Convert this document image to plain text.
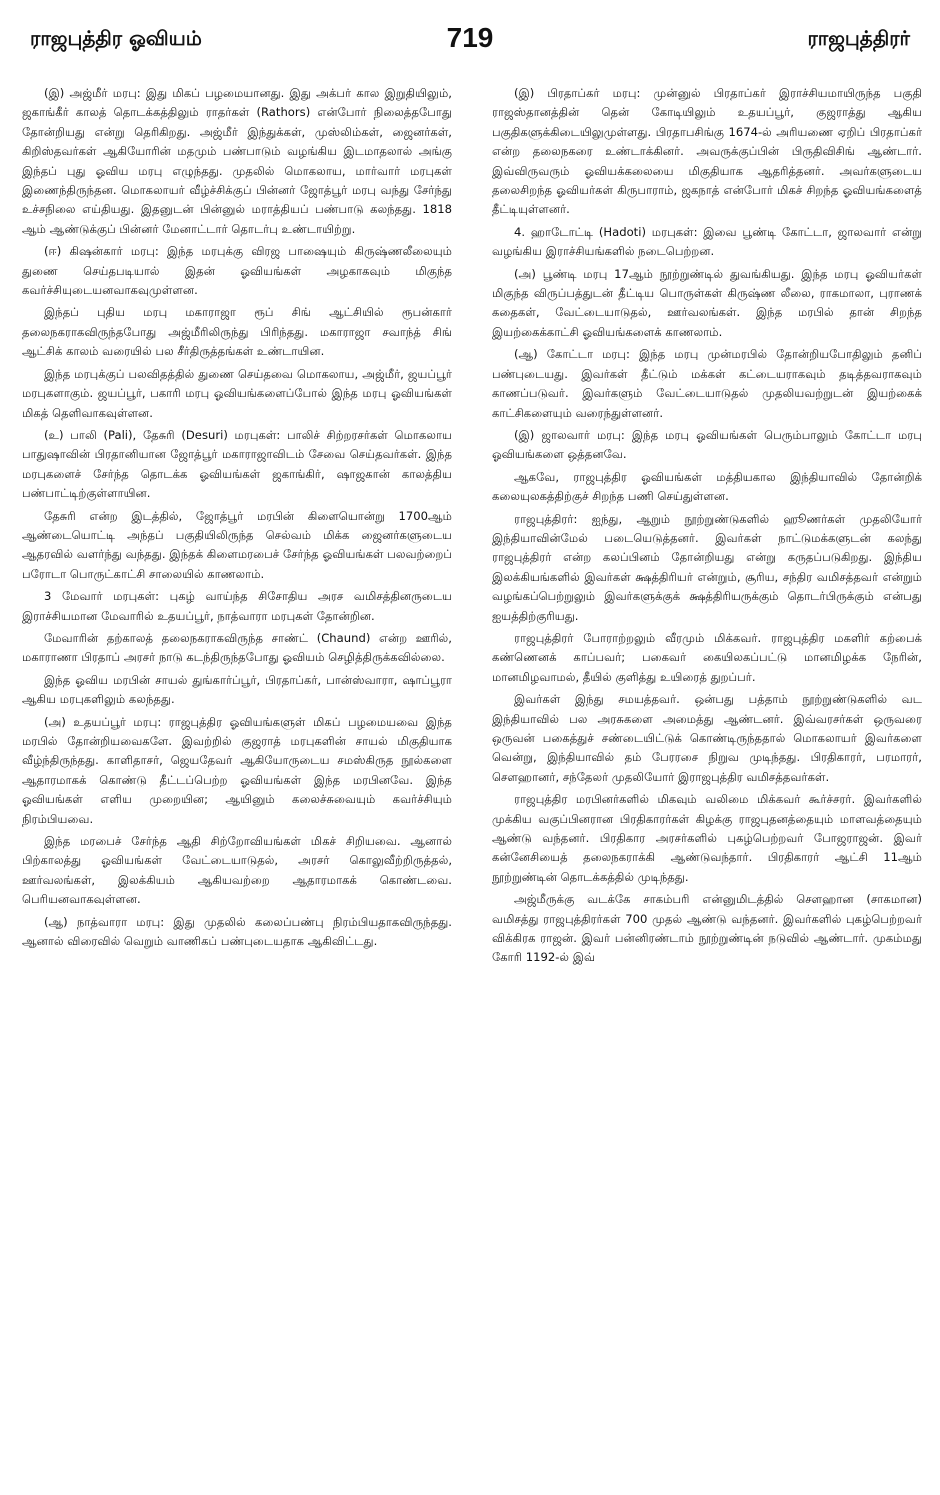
ராஜபுத்திர ஓவியம்	719	ராஜபுத்திரர்

(இ) அஜ்மீர் மரபு: இது மிகப் பழமையானது. இது அக்பர் கால இறுதியிலும், ஜகாங்கீர் காலத் தொடக்கத்திலும் ராதர்கள் (Rathors) என்போர் நிலைத்தபோது தோன்றியது என்று தெரிகிறது. அஜ்மீர் இந்துக்கள், முஸ்லிம்கள், ஜைனர்கள், கிறிஸ்தவர்கள் ஆகியோரின் மதமும் பண்பாடும் வழங்கிய இடமாதலால் அங்கு இந்தப் புது ஓவிய மரபு எழுந்தது. முதலில் மொகலாய, மார்வார் மரபுகள் இணைந்திருந்தன. மொகலாயர் வீழ்ச்சிக்குப் பின்னர் ஜோத்பூர் மரபு வந்து சேர்ந்து உச்சநிலை எய்தியது. இதனுடன் பின்னுல் மராத்தியப் பண்பாடு கலந்தது. 1818 ஆம் ஆண்டுக்குப் பின்னர் மேனாட்டார் தொடர்பு உண்டாயிற்று.

(ஈ) கிஷன்கார் மரபு: இந்த மரபுக்கு விரஜ பாஷையும் கிருஷ்ணலீலையும் துணை செய்தபடியால் இதன் ஓவியங்கள் அழகாகவும் மிகுந்த கவர்ச்சியுடையனவாகவுமுள்ளன.

இந்தப் புதிய மரபு மகாராஜா ரூப் சிங் ஆட்சியில் ரூபன்கார் தலைநகராகவிருந்தபோது அஜ்மீரிலிருந்து பிரிந்தது. மகாராஜா சவாந்த் சிங் ஆட்சிக் காலம் வரையில் பல சீர்திருத்தங்கள் உண்டாயின.

இந்த மரபுக்குப் பலவிதத்தில் துணை செய்தவை மொகலாய, அஜ்மீர், ஜயப்பூர் மரபுகளாகும். ஜயப்பூர், பகாரி மரபு ஓவியங்களைப்போல் இந்த மரபு ஓவியங்கள் மிகத் தெளிவாகவுள்ளன.

(உ) பாலி (Pali), தேசுரி (Desuri) மரபுகள்: பாலிச் சிற்றரசர்கள் மொகலாய பாதுஷாவின் பிரதானியான ஜோத்பூர் மகாராஜாவிடம் சேவை செய்தவர்கள். இந்த மரபுகளைச் சேர்ந்த தொடக்க ஓவியங்கள் ஜகாங்கிர், ஷாஜகான் காலத்திய பண்பாட்டிற்குள்ளாயின.

தேசுரி என்ற இடத்தில், ஜோத்பூர் மரபின் கிளையொன்று 1700ஆம் ஆண்டையொட்டி அந்தப் பகுதியிலிருந்த செல்வம் மிக்க ஜைனர்களுடைய ஆதரவில் வளர்ந்து வந்தது. இந்தக் கிளைமரபைச் சேர்ந்த ஓவியங்கள் பலவற்றைப் பரோடா பொருட்காட்சி சாலையில் காணலாம்.

3 மேவார் மரபுகள்: புகழ் வாய்ந்த சிசோதிய அரச வமிசத்தினருடைய இராச்சியமான மேவாரில் உதயப்பூர், நாத்வாரா மரபுகள் தோன்றின.

மேவாரின் தற்காலத் தலைநகராகவிருந்த சாண்ட் (Chaund) என்ற ஊரில், மகாராணா பிரதாப் அரசர் நாடு கடந்திருந்தபோது ஓவியம் செழித்திருக்கவில்லை.

இந்த ஓவிய மரபின் சாயல் துங்கார்ப்பூர், பிரதாப்கர், பான்ஸ்வாரா, ஷாப்பூரா ஆகிய மரபுகளிலும் கலந்தது.

(அ) உதயப்பூர் மரபு: ராஜபுத்திர ஓவியங்களுள் மிகப் பழமையவை இந்த மரபில் தோன்றியவைகளே. இவற்றில் குஜராத் மரபுகளின் சாயல் மிகுதியாக வீழ்ந்திருந்தது. காளிதாசர், ஜெயதேவர் ஆகியோருடைய சமஸ்கிருத நூல்களை ஆதாரமாகக் கொண்டு தீட்டப்பெற்ற ஓவியங்கள் இந்த மரபினவே. இந்த ஓவியங்கள் எளிய முறையின; ஆயினும் கலைச்சுவையும் கவர்ச்சியும் நிரம்பியவை.

இந்த மரபைச் சேர்ந்த ஆதி சிற்றோவியங்கள் மிகச் சிறியவை. ஆனால் பிற்காலத்து ஓவியங்கள் வேட்டையாடுதல், அரசர் கொலுவீற்றிருத்தல், ஊர்வலங்கள், இலக்கியம் ஆகியவற்றை ஆதாரமாகக் கொண்டவை. பெரியனவாகவுள்ளன.

(ஆ) நாத்வாரா மரபு: இது முதலில் கலைப்பண்பு நிரம்பியதாகவிருந்தது. ஆனால் விரைவில் வெறும் வாணிகப் பண்புடையதாக ஆகிவிட்டது.

(இ) பிரதாப்கர் மரபு: முன்னுல் பிரதாப்கர் இராச்சியமாயிருந்த பகுதி ராஜஸ்தானத்தின் தென் கோடியிலும் உதயப்பூர், குஜராத்து ஆகிய பகுதிகளுக்கிடையிலுமுள்ளது. பிரதாபசிங்கு 1674-ல் அரியணை ஏறிப் பிரதாப்கர் என்ற தலைநகரை உண்டாக்கினர். அவருக்குப்பின் பிருதிவிசிங் ஆண்டார். இவ்விருவரும் ஓவியக்கலையை மிகுதியாக ஆதரித்தனர். அவர்களுடைய தலைசிறந்த ஓவியர்கள் கிருபாராம், ஜகநாத் என்போர் மிகச் சிறந்த ஓவியங்களைத் தீட்டியுள்ளனர்.

4. ஹாடோட்டி (Hadoti) மரபுகள்: இவை பூண்டி கோட்டா, ஜாலவார் என்று வழங்கிய இராச்சியங்களில் நடைபெற்றன.

(அ) பூண்டி மரபு 17ஆம் நூற்றுண்டில் துவங்கியது. இந்த மரபு ஓவியர்கள் மிகுந்த விருப்பத்துடன் தீட்டிய பொருள்கள் கிருஷ்ண லீலை, ராகமாலா, புராணக் கதைகள், வேட்டையாடுதல், ஊர்வலங்கள். இந்த மரபில் தான் சிறந்த இயற்கைக்காட்சி ஓவியங்களைக் காணலாம்.

(ஆ) கோட்டா மரபு: இந்த மரபு முன்மரபில் தோன்றியபோதிலும் தனிப் பண்புடையது. இவர்கள் தீட்டும் மக்கள் கட்டையராகவும் தடித்தவராகவும் காணப்படுவர். இவர்களும் வேட்டையாடுதல் முதலியவற்றுடன் இயற்கைக் காட்சிகளையும் வரைந்துள்ளனர்.

(இ) ஜாலவார் மரபு: இந்த மரபு ஓவியங்கள் பெரும்பாலும் கோட்டா மரபு ஓவியங்களை ஒத்தனவே.

ஆகவே, ராஜபுத்திர ஓவியங்கள் மத்தியகால இந்தியாவில் தோன்றிக் கலையுலகத்திற்குச் சிறந்த பணி செய்துள்ளன.

ராஜபுத்திரர்: ஐந்து, ஆறும் நூற்றுண்டுகளில் ஹூணர்கள் முதலியோர் இந்தியாவின்மேல் படையெடுத்தனர். இவர்கள் நாட்டுமக்களுடன் கலந்து ராஜபுத்திரர் என்ற கலப்பினம் தோன்றியது என்று கருதப்படுகிறது. இந்திய இலக்கியங்களில் இவர்கள் க்ஷத்திரியர் என்றும், சூரிய, சந்திர வமிசத்தவர் என்றும் வழங்கப்பெற்றுலும் இவர்களுக்குக் க்ஷத்திரியருக்கும் தொடர்பிருக்கும் என்பது ஐயத்திற்குரியது.

ராஜபுத்திரர் போராற்றலும் வீரமும் மிக்கவர். ராஜபுத்திர மகளிர் கற்பைக் கண்ணெனக் காப்பவர்; பகைவர் கையிலகப்பட்டு மானமிழக்க நேரின், மானமிழவாமல், தீயில் குளித்து உயிரைத் துறப்பர்.

இவர்கள் இந்து சமயத்தவர். ஒன்பது பத்தாம் நூற்றுண்டுகளில் வட இந்தியாவில் பல அரசுகளை அமைத்து ஆண்டனர். இவ்வரசர்கள் ஒருவரை ஒருவன் பகைத்துச் சண்டையிட்டுக் கொண்டிருந்ததால் மொகலாயர் இவர்களை வென்று, இந்தியாவில் தம் பேரரசை நிறுவ முடிந்தது. பிரதிகாரர், பரமாரர், சௌஹானர், சந்தேலர் முதலியோர் இராஜபுத்திர வமிசத்தவர்கள்.

ராஜபுத்திர மரபினர்களில் மிகவும் வலிமை மிக்கவர் கூர்ச்சரர். இவர்களில் முக்கிய வகுப்பினரான பிரதிகாரர்கள் கிழக்கு ராஜபுதனத்தையும் மாளவத்தையும் ஆண்டு வந்தனர். பிரதிகார அரசர்களில் புகழ்பெற்றவர் போஜராஜன். இவர் கன்னேசியைத் தலைநகராக்கி ஆண்டுவந்தார். பிரதிகாரர் ஆட்சி 11ஆம் நூற்றுண்டின் தொடக்கத்தில் முடிந்தது.

அஜ்மீருக்கு வடக்கே சாகம்பரி என்னுமிடத்தில் சௌஹான (சாகமான) வமிசத்து ராஜபுத்திரர்கள் 700 முதல் ஆண்டு வந்தனர். இவர்களில் புகழ்பெற்றவர் விக்கிரக ராஜன். இவர் பன்னிரண்டாம் நூற்றுண்டின் நடுவில் ஆண்டார். முகம்மது கோரி 1192-ல் இவ்
